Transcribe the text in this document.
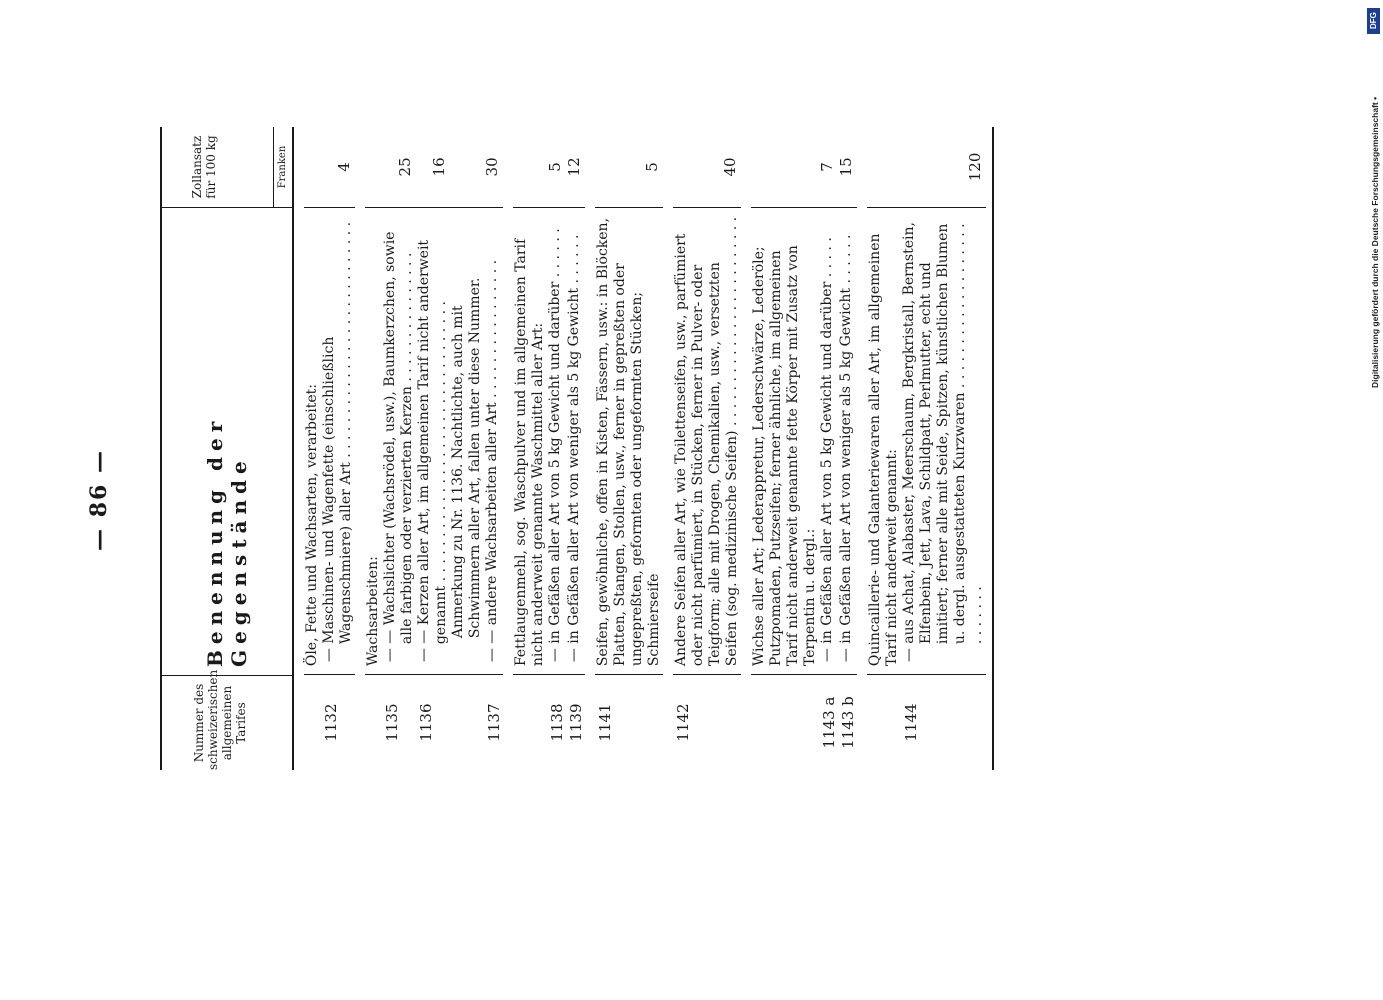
— 86 —
Nummer des schweizerischen allgemeinen Tarifes
Benennung der Gegenstände
Zollansatz für 100 kg	Franken
Öle, Fette und Wachsarten, verarbeitet:
1132
— Maschinen- und Wagenfette (einschließlich Wagenschmiere) aller Art . . . . . . . . . . . . . . . . . . . . . . . . . . .
4
Wachsarbeiten:
1135
— — Wachslichter (Wachsrödel, usw.), Baumkerzchen, sowie alle farbigen oder verzierten Kerzen . . . . . . . . . . . . . . .
25
1136
— — Kerzen aller Art, im allgemeinen Tarif nicht anderweit genannt . . . . . . . . . . . . . . . . . . . . . . . . . . . . . . . .
16
Anmerkung zu Nr. 1136. Nachtlichte, auch mit Schwimmern aller Art, fallen unter diese Nummer.
1137
— — andere Wachsarbeiten aller Art . . . . . . . . . . . . . . . .
30
Fettlaugenmehl, sog. Waschpulver und im allgemeinen Tarif nicht anderweit genannte Waschmittel aller Art:
1138
— in Gefäßen aller Art von 5 kg Gewicht und darüber . . . . . .
5
1139
— in Gefäßen aller Art von weniger als 5 kg Gewicht . . . . . .
12
1141
Seifen, gewöhnliche, offen in Kisten, Fässern, usw.: in Blöcken, Platten, Stangen, Stollen, usw., ferner in gepreßten oder ungepreßten, geformten oder ungeformten Stücken; Schmierseife
5
1142
Andere Seifen aller Art, wie Toilettenseifen, usw., parfümiert oder nicht parfümiert, in Stücken, ferner in Pulver- oder Teigform; alle mit Drogen, Chemikalien, usw., versetzten Seifen (sog. medizinische Seifen) . . . . . . . . . . . . . . . . . . . . . . . .
40
Wichse aller Art; Lederappretur, Lederschwärze, Lederöle; Putzpomaden, Putzseifen; ferner ähnliche, im allgemeinen Tarif nicht anderweit genannte fette Körper mit Zusatz von Terpentin u. dergl.:
1143 a
— in Gefäßen aller Art von 5 kg Gewicht und darüber . . . . .
7
1143 b
— in Gefäßen aller Art von weniger als 5 kg Gewicht . . . . . .
15
Quincaillerie- und Galanteriewaren aller Art, im allgemeinen Tarif nicht anderweit genannt:
1144
— aus Achat, Alabaster, Meerschaum, Bergkristall, Bernstein, Elfenbein, Jett, Lava, Schildpatt, Perlmutter, echt und imitiert; ferner alle mit Seide, Spitzen, künstlichen Blumen u. dergl. ausgestatteten Kurzwaren . . . . . . . . . . . . . . . . . . . . . . . . . .
120
DFG
Digitalisierung gefördert durch die Deutsche Forschungsgemeinschaft •
